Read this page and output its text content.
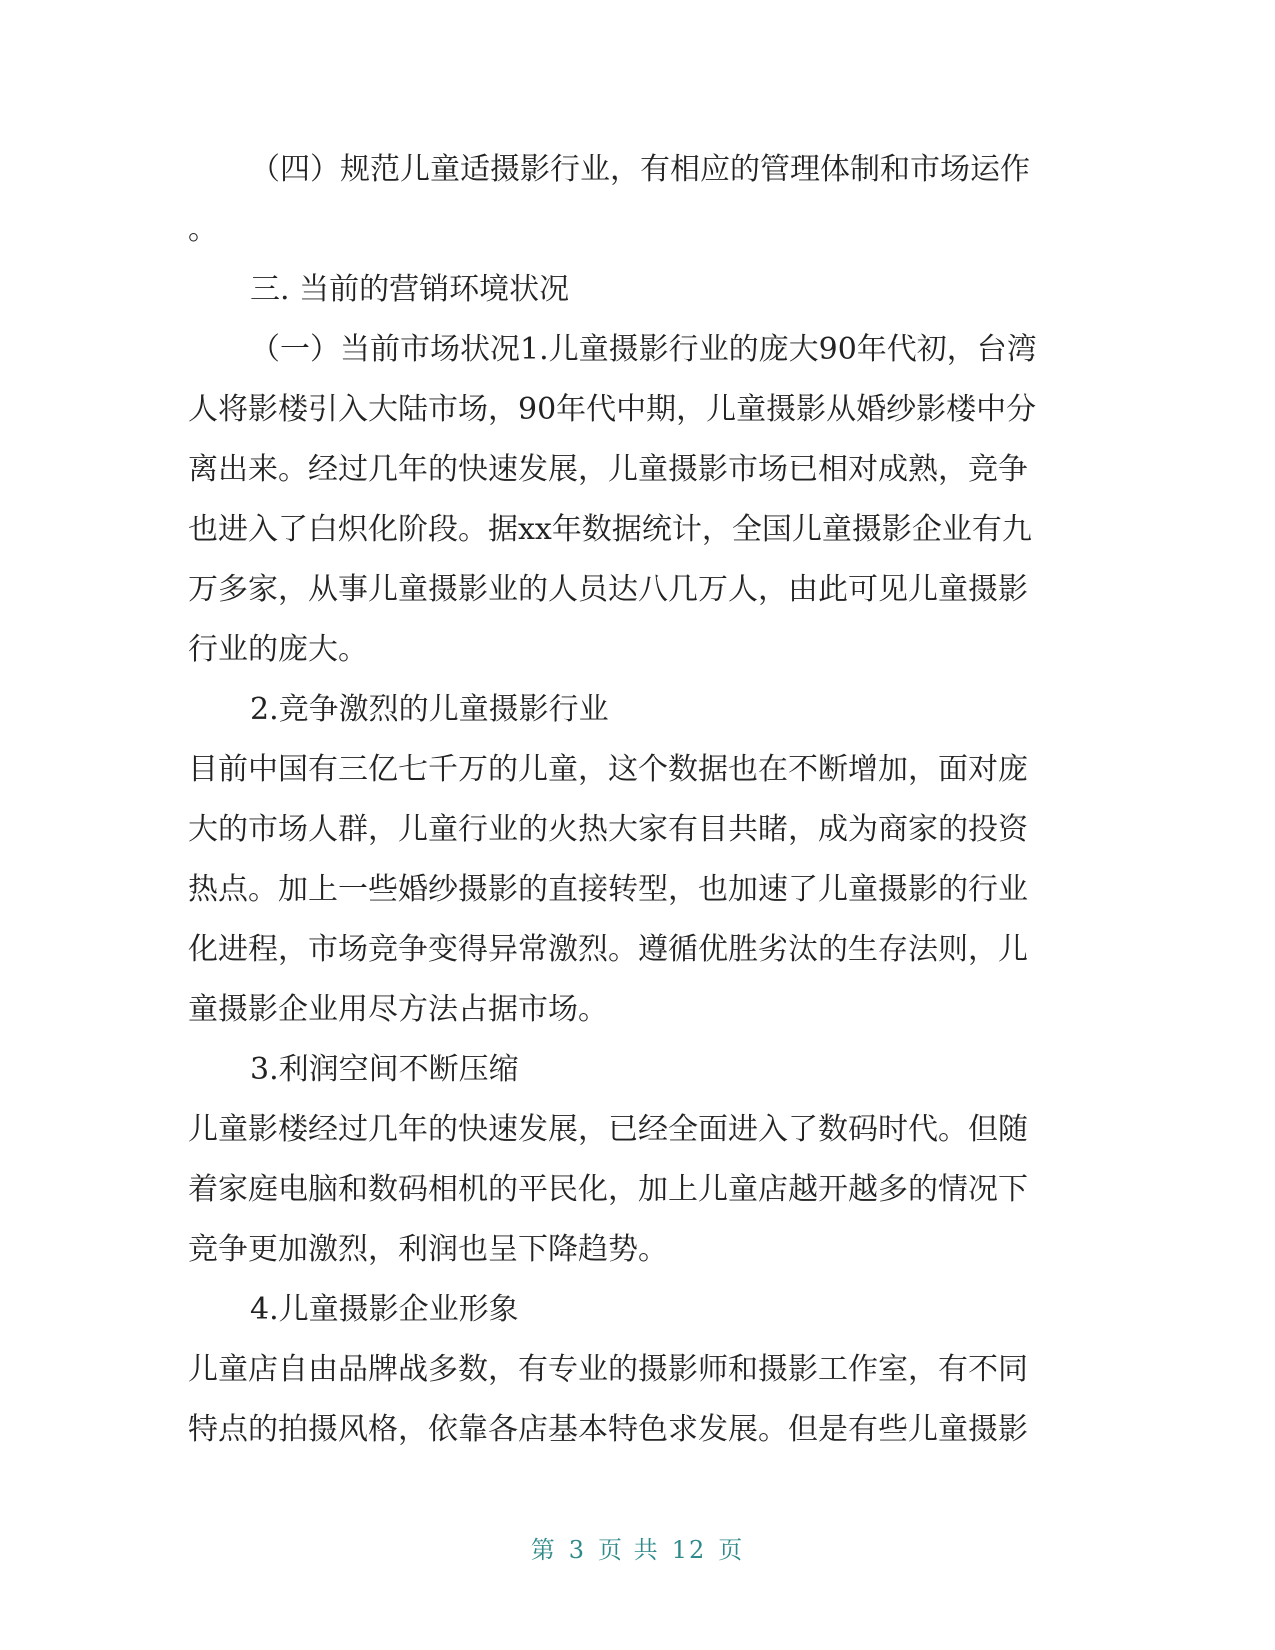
（四）规范儿童适摄影行业，有相应的管理体制和市场运作
。
三. 当前的营销环境状况
（一）当前市场状况1.儿童摄影行业的庞大90年代初，台湾
人将影楼引入大陆市场，90年代中期，儿童摄影从婚纱影楼中分
离出来。经过几年的快速发展，儿童摄影市场已相对成熟，竞争
也进入了白炽化阶段。据xx年数据统计，全国儿童摄影企业有九
万多家，从事儿童摄影业的人员达八几万人，由此可见儿童摄影
行业的庞大。
2.竞争激烈的儿童摄影行业
目前中国有三亿七千万的儿童，这个数据也在不断增加，面对庞
大的市场人群，儿童行业的火热大家有目共睹，成为商家的投资
热点。加上一些婚纱摄影的直接转型，也加速了儿童摄影的行业
化进程，市场竞争变得异常激烈。遵循优胜劣汰的生存法则，儿
童摄影企业用尽方法占据市场。
3.利润空间不断压缩
儿童影楼经过几年的快速发展，已经全面进入了数码时代。但随
着家庭电脑和数码相机的平民化，加上儿童店越开越多的情况下
竞争更加激烈，利润也呈下降趋势。
4.儿童摄影企业形象
儿童店自由品牌战多数，有专业的摄影师和摄影工作室，有不同
特点的拍摄风格，依靠各店基本特色求发展。但是有些儿童摄影
第 3 页 共 12 页
